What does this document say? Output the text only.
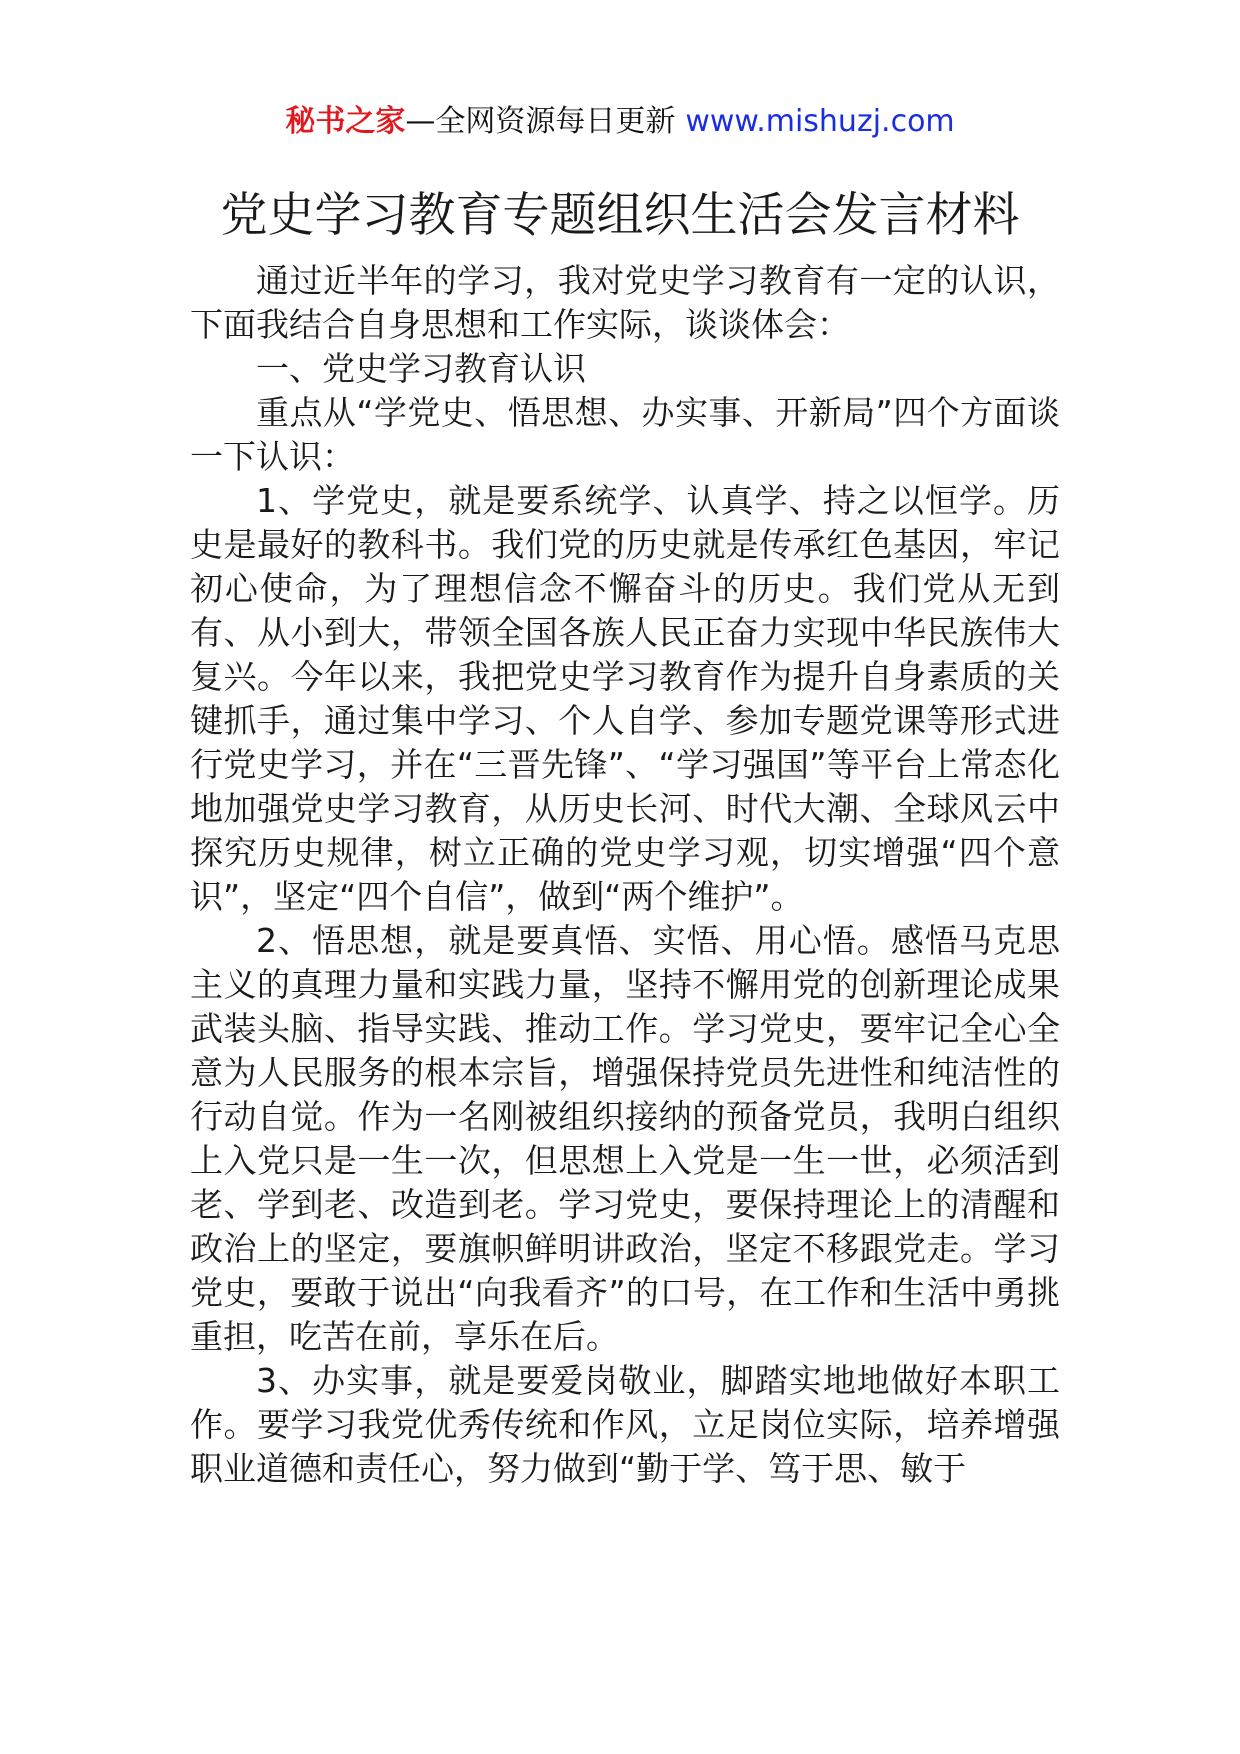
秘书之家—全网资源每日更新 www.mishuzj.com
党史学习教育专题组织生活会发言材料

通过近半年的学习，我对党史学习教育有一定的认识，下面我结合自身思想和工作实际，谈谈体会：

一、党史学习教育认识

重点从“学党史、悟思想、办实事、开新局”四个方面谈一下认识：

1、学党史，就是要系统学、认真学、持之以恒学。历史是最好的教科书。我们党的历史就是传承红色基因，牢记初心使命，为了理想信念不懈奋斗的历史。我们党从无到有、从小到大，带领全国各族人民正奋力实现中华民族伟大复兴。今年以来，我把党史学习教育作为提升自身素质的关键抓手，通过集中学习、个人自学、参加专题党课等形式进行党史学习，并在“三晋先锋”、“学习强国”等平台上常态化地加强党史学习教育，从历史长河、时代大潮、全球风云中探究历史规律，树立正确的党史学习观，切实增强“四个意识”，坚定“四个自信”，做到“两个维护”。

2、悟思想，就是要真悟、实悟、用心悟。感悟马克思主义的真理力量和实践力量，坚持不懈用党的创新理论成果武装头脑、指导实践、推动工作。学习党史，要牢记全心全意为人民服务的根本宗旨，增强保持党员先进性和纯洁性的行动自觉。作为一名刚被组织接纳的预备党员，我明白组织上入党只是一生一次，但思想上入党是一生一世，必须活到老、学到老、改造到老。学习党史，要保持理论上的清醒和政治上的坚定，要旗帜鲜明讲政治，坚定不移跟党走。学习党史，要敢于说出“向我看齐”的口号，在工作和生活中勇挑重担，吃苦在前，享乐在后。

3、办实事，就是要爱岗敬业，脚踏实地地做好本职工作。要学习我党优秀传统和作风，立足岗位实际，培养增强职业道德和责任心，努力做到“勤于学、笃于思、敏于
